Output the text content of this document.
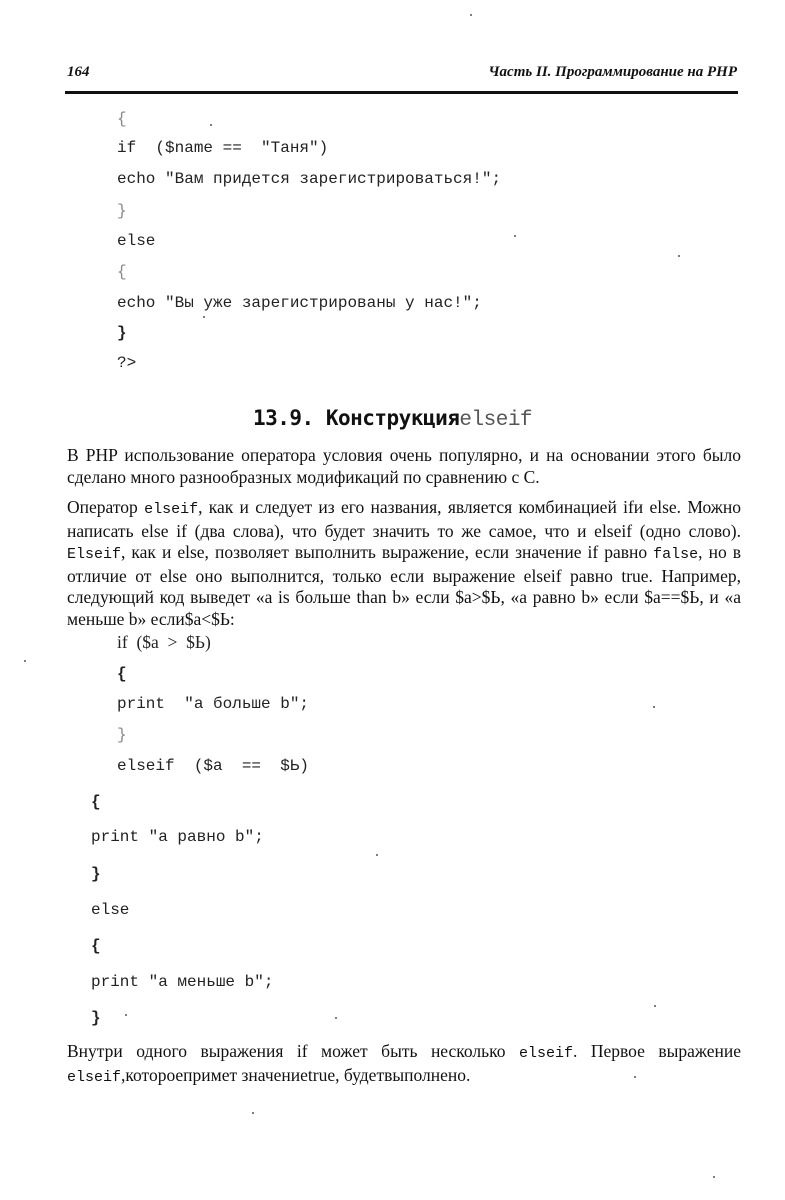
164	Часть II. Программирование на PHP
{
if  ($name ==  "Таня")
echo "Вам придется зарегистрироваться!";
}
else
{
echo "Вы уже зарегистрированы у нас!";
}
?>
13.9. Конструкцияelseif
В PHP использование оператора условия очень популярно, и на основании этого было сделано много разнообразных модификаций по сравнению с С.
Оператор elseif, как и следует из его названия, является комбинацией ifи else. Можно написать else if (два слова), что будет значить то же самое, что и elseif (одно слово). Elseif, как и else, позволяет выполнить выражение, если значение if равно false, но в отличие от else оно выполнится, только если выражение elseif равно true. Например, следующий код выведет «а is больше than b» если $a>$Ь, «а равно b» если $a==$Ь, и «а меньше b» если$a<$Ь:
if  ($a  >  $Ь)
{
print  "а больше b";
}
elseif  ($a  ==  $Ь)
{
print "а равно b";
}
else
{
print "а меньше b";
}
Внутри одного выражения if может быть несколько elseif. Первое выражение elseif,котороепримет значениеtrue, будетвыполнено.
